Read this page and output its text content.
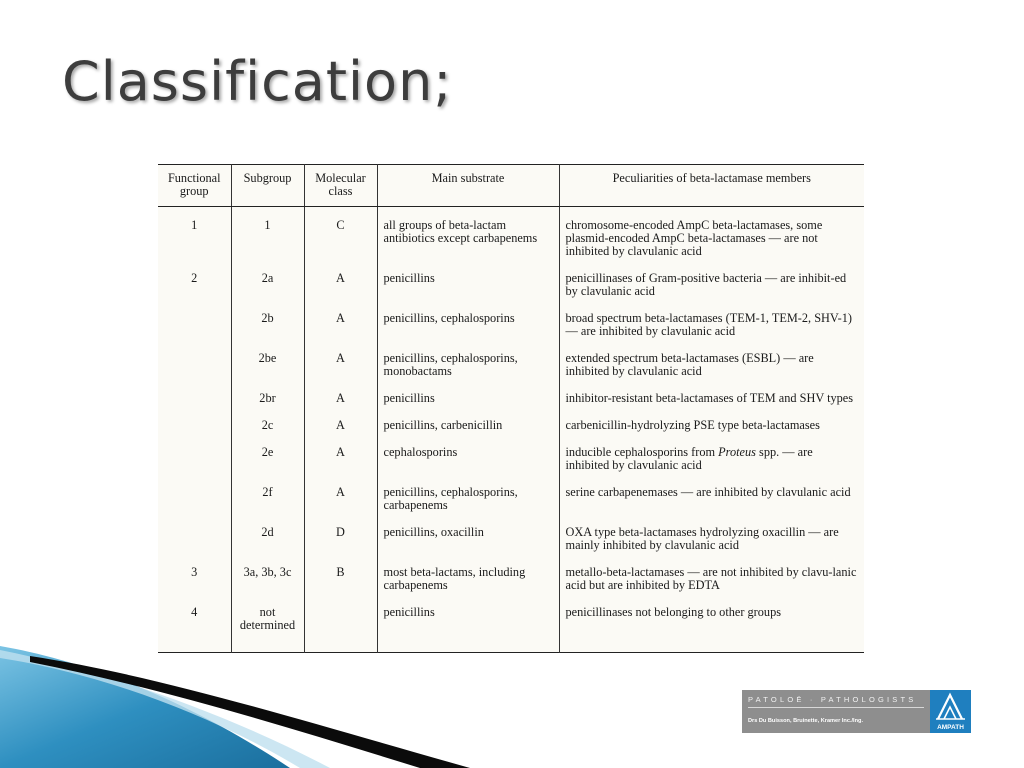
Classification;
Functional group	Subgroup	Molecular class	Main substrate	Peculiarities of beta-lactamase members
1	1	C	all groups of beta-lactam antibiotics except carbapenems	chromosome-encoded AmpC beta-lactamases, some plasmid-encoded AmpC beta-lactamases — are not inhibited by clavulanic acid
2	2a	A	penicillins	penicillinases of Gram-positive bacteria — are inhibit-ed by clavulanic acid
	2b	A	penicillins, cephalosporins	broad spectrum beta-lactamases (TEM-1, TEM-2, SHV-1) — are inhibited by clavulanic acid
	2be	A	penicillins, cephalosporins, monobactams	extended spectrum beta-lactamases (ESBL) — are inhibited by clavulanic acid
	2br	A	penicillins	inhibitor-resistant beta-lactamases of TEM and SHV types
	2c	A	penicillins, carbenicillin	carbenicillin-hydrolyzing PSE type beta-lactamases
	2e	A	cephalosporins	inducible cephalosporins from Proteus spp. — are inhibited by clavulanic acid
	2f	A	penicillins, cephalosporins, carbapenems	serine carbapenemases — are inhibited by clavulanic acid
	2d	D	penicillins, oxacillin	OXA type beta-lactamases hydrolyzing oxacillin — are mainly inhibited by clavulanic acid
3	3a, 3b, 3c	B	most beta-lactams, including carbapenems	metallo-beta-lactamases — are not inhibited by clavu-lanic acid but are inhibited by EDTA
4	not determined		penicillins	penicillinases not belonging to other groups
PATOLOË · PATHOLOGISTS
Drs Du Buisson, Bruinette, Kramer Inc./Ing.
AMPATH
